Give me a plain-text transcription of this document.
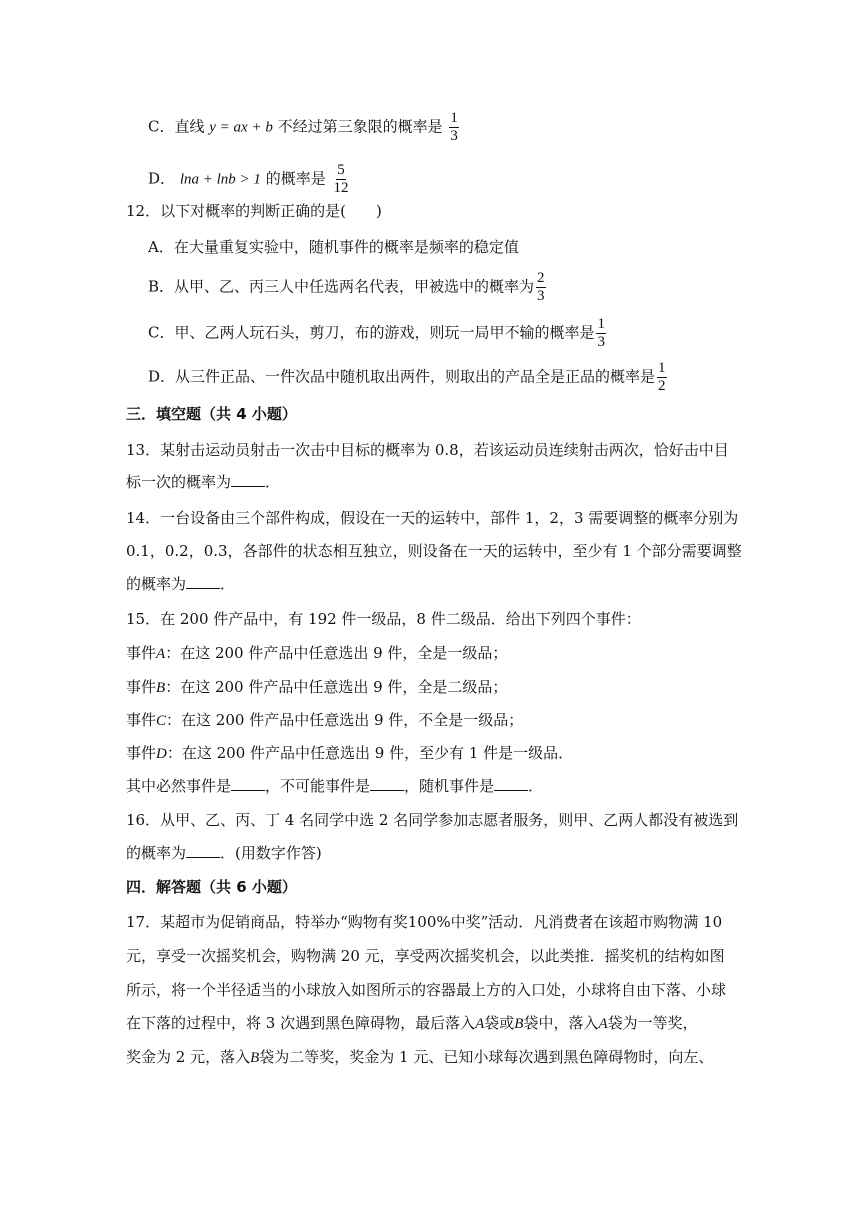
C．直线 y = ax + b 不经过第三象限的概率是 $\frac{1}{3}$
D． lna + lnb > 1 的概率是 $\frac{5}{12}$
12．以下对概率的判断正确的是(　　)
A．在大量重复实验中，随机事件的概率是频率的稳定值
B．从甲、乙、丙三人中任选两名代表，甲被选中的概率为 $\frac{2}{3}$
C．甲、乙两人玩石头，剪刀，布的游戏，则玩一局甲不输的概率是 $\frac{1}{3}$
D．从三件正品、一件次品中随机取出两件，则取出的产品全是正品的概率是 $\frac{1}{2}$
三．填空题（共 4 小题）
13．某射击运动员射击一次击中目标的概率为 0.8，若该运动员连续射击两次，恰好击中目
标一次的概率为 ．
14．一台设备由三个部件构成，假设在一天的运转中，部件 1，2，3 需要调整的概率分别为
0.1，0.2，0.3，各部件的状态相互独立，则设备在一天的运转中，至少有 1 个部分需要调整
的概率为 ．
15．在 200 件产品中，有 192 件一级品，8 件二级品．给出下列四个事件：
事件A：在这 200 件产品中任意选出 9 件，全是一级品；
事件B：在这 200 件产品中任意选出 9 件，全是二级品；
事件C：在这 200 件产品中任意选出 9 件，不全是一级品；
事件D：在这 200 件产品中任意选出 9 件，至少有 1 件是一级品．
其中必然事件是 ，不可能事件是 ，随机事件是 ．
16．从甲、乙、丙、丁 4 名同学中选 2 名同学参加志愿者服务，则甲、乙两人都没有被选到
的概率为 ．(用数字作答)
四．解答题（共 6 小题）
17．某超市为促销商品，特举办“购物有奖100%中奖”活动．凡消费者在该超市购物满 10
元，享受一次摇奖机会，购物满 20 元，享受两次摇奖机会，以此类推．摇奖机的结构如图
所示，将一个半径适当的小球放入如图所示的容器最上方的入口处，小球将自由下落、小球
在下落的过程中，将 3 次遇到黑色障碍物，最后落入A袋或B袋中，落入A袋为一等奖，
奖金为 2 元，落入B袋为二等奖，奖金为 1 元、已知小球每次遇到黑色障碍物时，向左、
